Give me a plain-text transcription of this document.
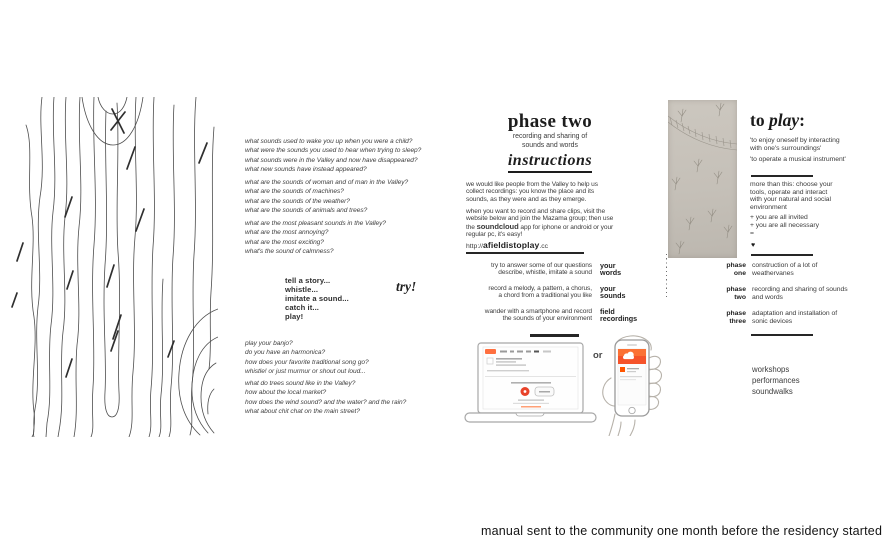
what sounds used to wake you up when you were a child?
what were the sounds you used to hear when trying to sleep?
what sounds were in the Valley and now have disappeared?
what new sounds have instead appeared?
what are the sounds of woman and of man in the Valley?
what are the sounds of machines?
what are the sounds of the weather?
what are the sounds of animals and trees?
what are the most pleasant sounds in the Valley?
what are the most annoying?
what are the most exciting?
what's the sound of calmness?
tell a story...
whistle...
imitate a sound...
catch it...
play!
try!
play your banjo?
do you have an harmonica?
how does your favorite traditional song go?
whistle! or just murmur or shout out loud...
what do trees sound like in the Valley?
how about the local market?
how does the wind sound? and the water? and the rain?
what about chit chat on the main street?
phase two
recording and sharing of
sounds and words
instructions
we would like people from the Valley to help us collect recordings: you know the place and its sounds, as they were and as they emerge.
when you want to record and share clips, visit the website below and join the Mazama group; then use the soundcloud app for iphone or android or your regular pc, it's easy!
http://afieldistoplay.cc
try to answer some of our questions
describe, whistle, imitate a sound
your
words
record a melody, a pattern, a chorus,
a chord from a traditional you like
your
sounds
wander with a smartphone and record
the sounds of your environment
field
recordings
or
to play:
'to enjoy oneself by interacting
with one's surroundings'
'to operate a musical instrument'
more than this: choose your
tools, operate and interact
with your natural and social
environment
+ you are all invited
+ you are all necessary
=
♥
phase
one
construction of a lot of
weathervanes
phase
two
recording and sharing of sounds
and words
phase
three
adaptation and installation of
sonic devices
workshops
performances
soundwalks
manual sent to the community one month before the residency started
